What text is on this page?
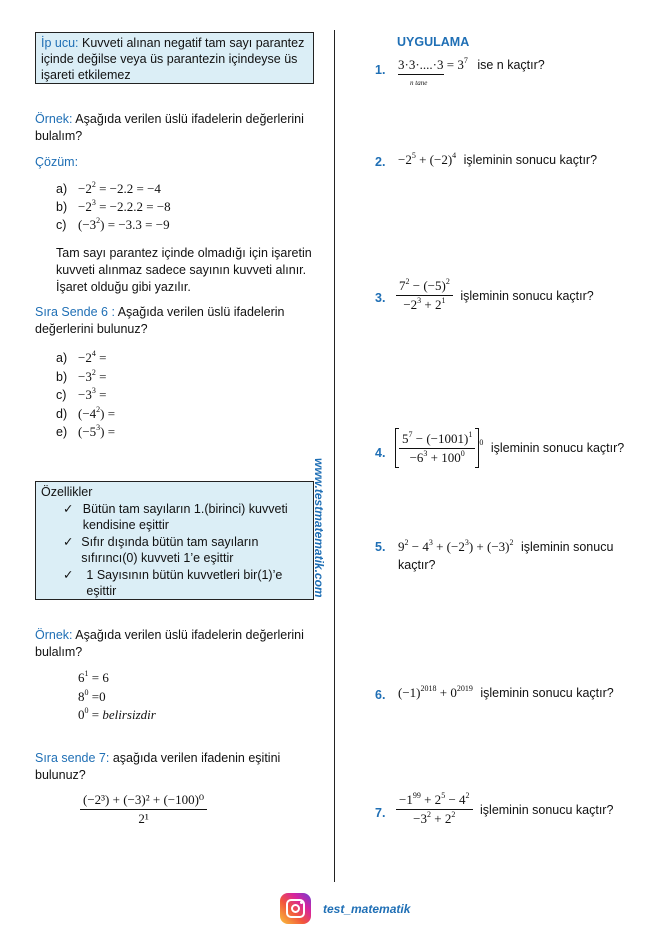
İp ucu: Kuvveti alınan negatif tam sayı parantez içinde değilse veya üs parantezin içindeyse üs işareti etkilemez
Örnek: Aşağıda verilen üslü ifadelerin değerlerini bulalım?
Çözüm:
$a) -2^2 = -2.2 = -4$
$b) -2^3 = -2.2.2 = -8$
c) $(-3^2) = -3.3 = -9$
Tam sayı parantez içinde olmadığı için işaretin kuvveti alınmaz sadece sayının kuvveti alınır. İşaret olduğu gibi yazılır.
Sıra Sende 6 : Aşağıda verilen üslü ifadelerin değerlerini bulunuz?
$a) -2^4$ =
$b) -3^2$ =
$c) -3^3$ =
d) $(-4^2)$ =
e) $(-5^3)$ =
Özellikler
✓ Bütün tam sayıların 1.(birinci) kuvveti kendisine eşittir
✓ Sıfır dışında bütün tam sayıların sıfırıncı(0) kuvveti 1’e eşittir
✓	1 Sayısının bütün kuvvetleri bir(1)’e eşittir
Örnek: Aşağıda verilen üslü ifadelerin değerlerini bulalım?
$6^1 = 6$
$8^0 =0$
$0^0$ = belirsizdir
Sıra sende 7: aşağıda verilen ifadenin eşitini bulunuz?
$\frac{\text{(−2³) + (−3)² + (−100)⁰}}{\text{2¹}}$
www.testmatematik.com
UYGULAMA
1. $3\cdot 3\cdot....\cdot 3 = 3^7$
n tane
ise n kaçtır?
2. $-2^5 + (-2)^4$ işleminin sonucu kaçtır?
3. $\frac{7^2 - (-5)^2}{-2^3 + 2^1}$ işleminin sonucu kaçtır?
4. $\frac{5^7 - (-1001)^1}{-6^3 + 100^0} ^0$ işleminin sonucu kaçtır?
5. $9^2 - 4^3 + (-2^3) + (-3)^2$ işleminin sonucu kaçtır?
6. $(-1)^{2018} + 0^{2019}$ işleminin sonucu kaçtır?
7. $\frac{-1^{99} + 2^5 - 4^2}{-3^2 + 2^2}$ işleminin sonucu kaçtır?
test_matematik
